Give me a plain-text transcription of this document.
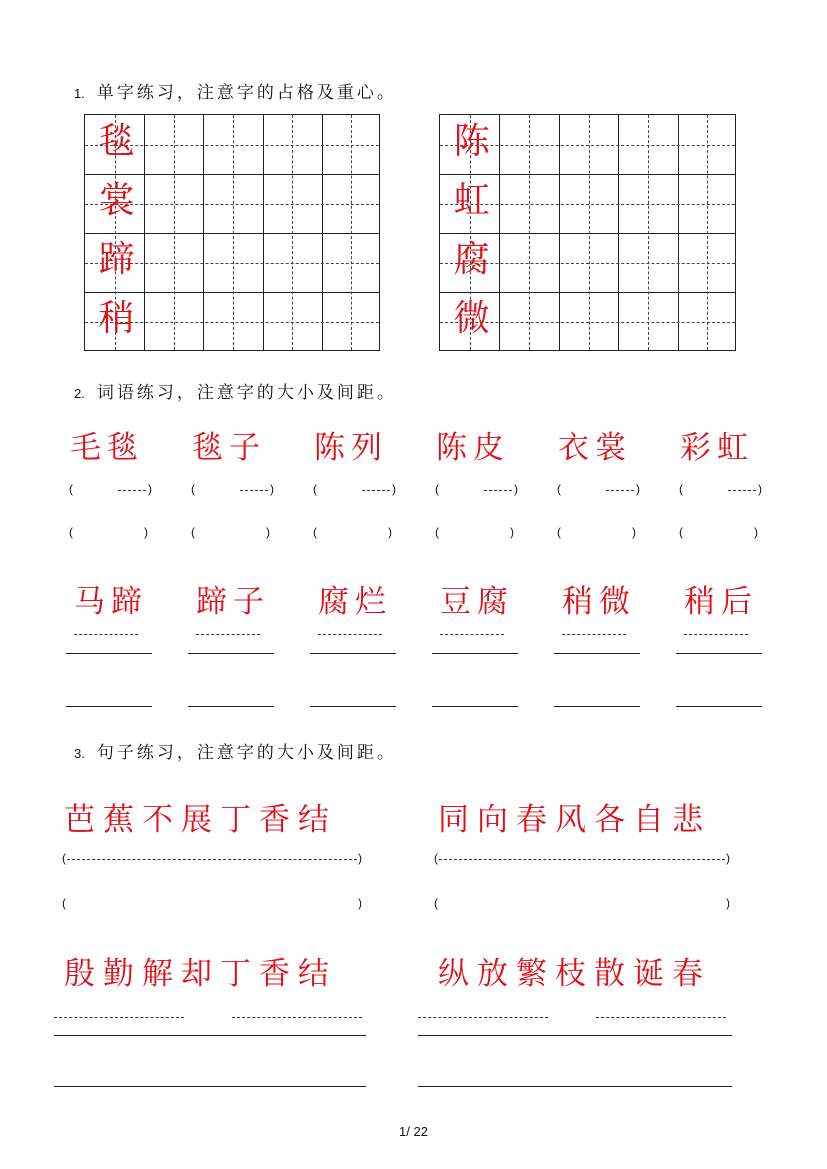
1. 单字练习，注意字的占格及重心。
2. 词语练习，注意字的大小及间距。
3. 句子练习，注意字的大小及间距。
毯
裳
蹄
稍
陈
虹
腐
微
毛毯
(	)
(	)
毯子
(	)
(	)
陈列
(	)
(	)
陈皮
(	)
(	)
衣裳
(	)
(	)
彩虹
(	)
(	)
马蹄 蹄子 腐烂 豆腐 稍微 稍后
芭蕉不展丁香结	同向春风各自悲
殷勤解却丁香结	纵放繁枝散诞春
(	)
(	)
(	)
(	)
1/ 22
